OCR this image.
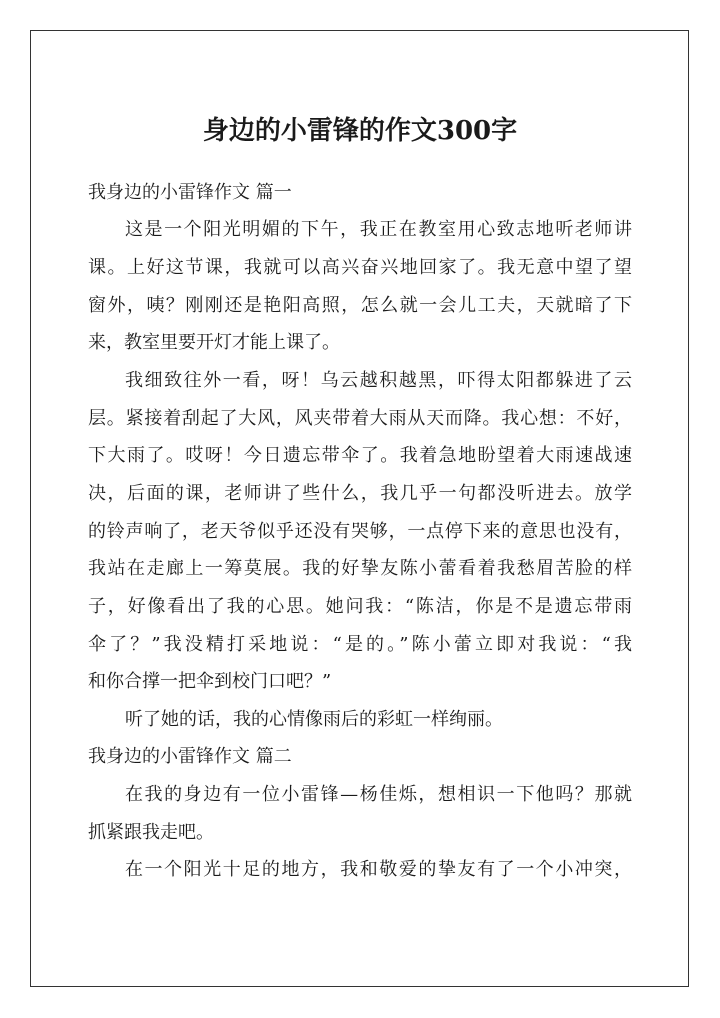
身边的小雷锋的作文300字
我身边的小雷锋作文 篇一
这是一个阳光明媚的下午，我正在教室用心致志地听老师讲
课。上好这节课，我就可以高兴奋兴地回家了。我无意中望了望
窗外，咦？刚刚还是艳阳高照，怎么就一会儿工夫，天就暗了下
来，教室里要开灯才能上课了。
我细致往外一看，呀！乌云越积越黑，吓得太阳都躲进了云
层。紧接着刮起了大风，风夹带着大雨从天而降。我心想：不好，
下大雨了。哎呀！今日遗忘带伞了。我着急地盼望着大雨速战速
决，后面的课，老师讲了些什么，我几乎一句都没听进去。放学
的铃声响了，老天爷似乎还没有哭够，一点停下来的意思也没有，
我站在走廊上一筹莫展。我的好挚友陈小蕾看着我愁眉苦脸的样
子，好像看出了我的心思。她问我：“陈洁，你是不是遗忘带雨
伞了？”我没精打采地说：“是的。”陈小蕾立即对我说：“我
和你合撑一把伞到校门口吧？”
听了她的话，我的心情像雨后的彩虹一样绚丽。
我身边的小雷锋作文 篇二
在我的身边有一位小雷锋—杨佳烁，想相识一下他吗？那就
抓紧跟我走吧。
在一个阳光十足的地方，我和敬爱的挚友有了一个小冲突，
